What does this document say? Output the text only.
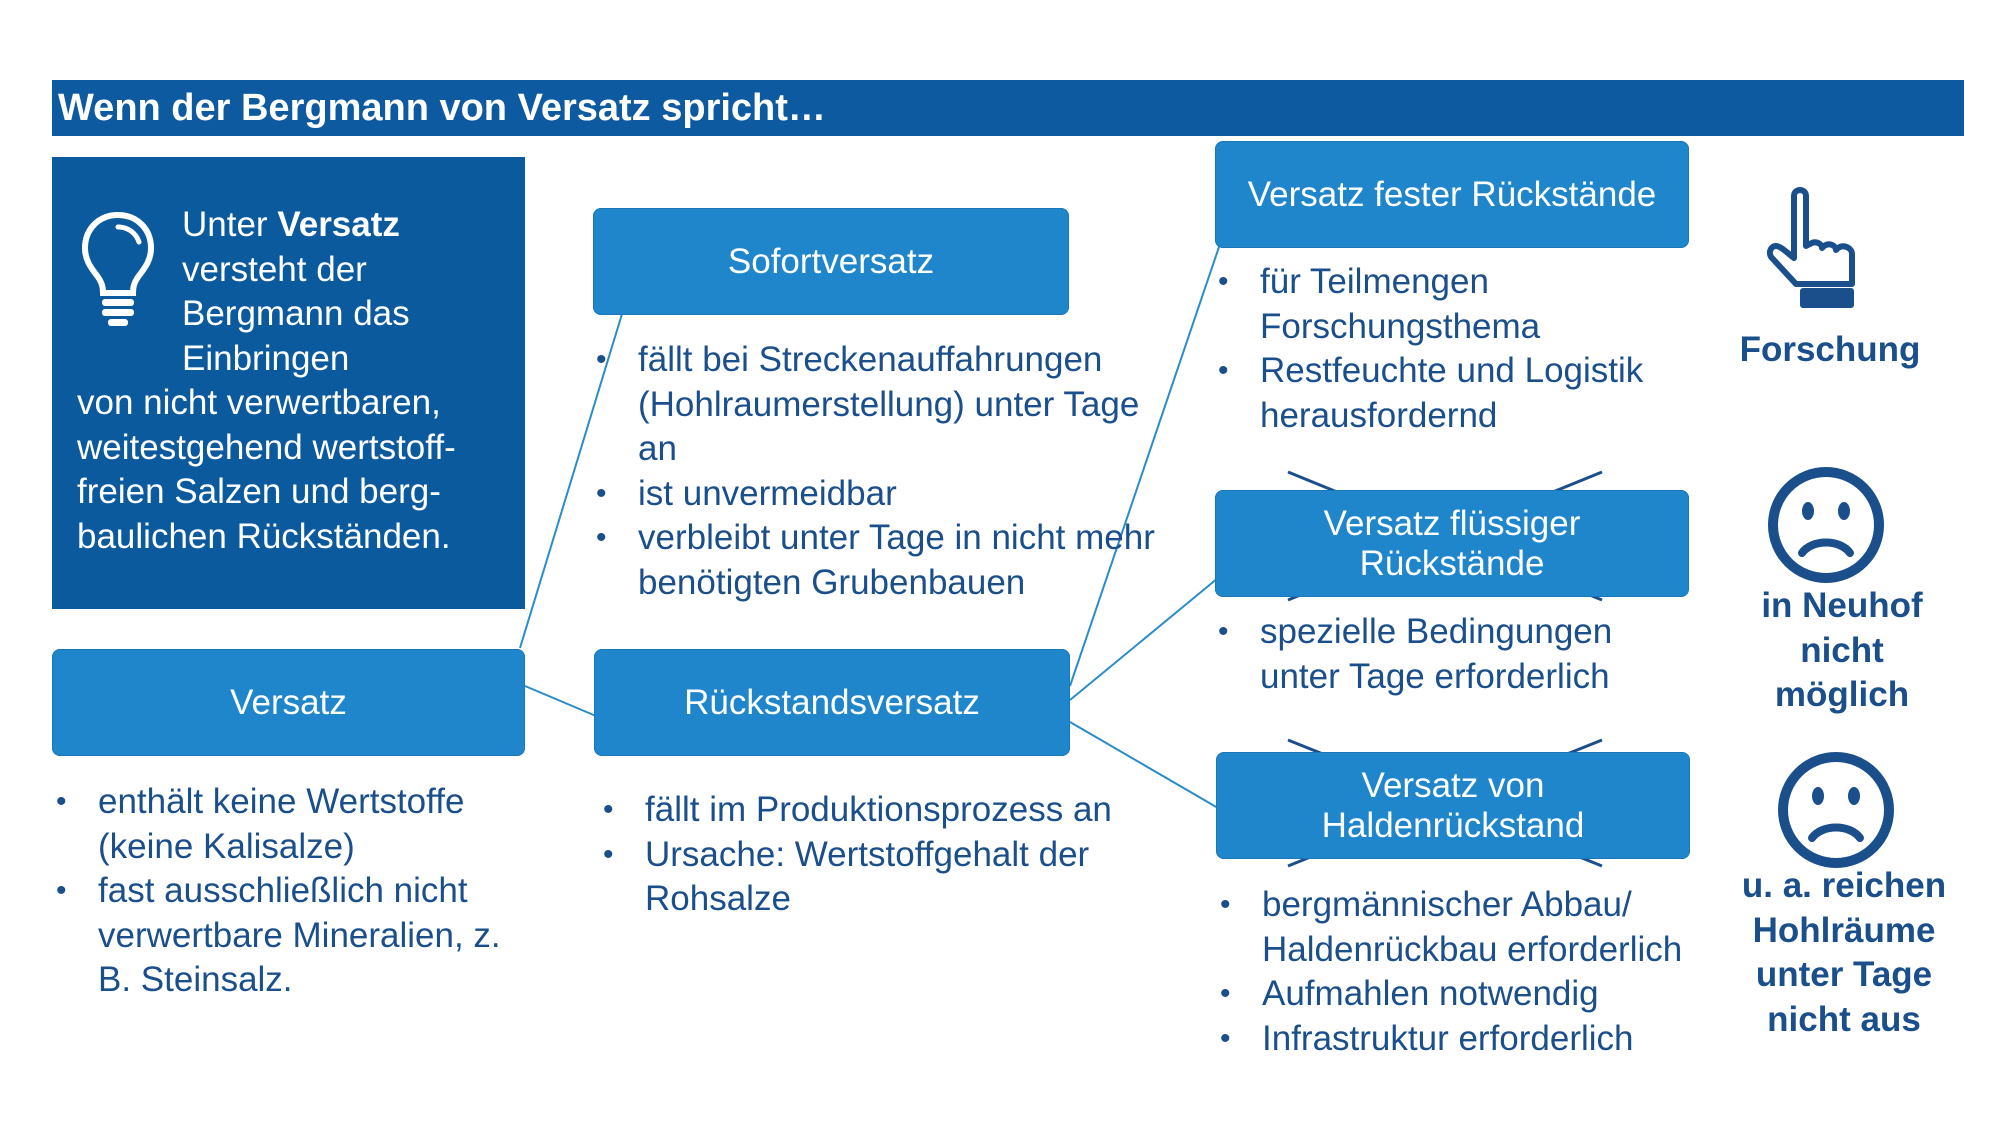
Wenn der Bergmann von Versatz spricht…
Unter Versatz
versteht der
Bergmann das
Einbringen
von nicht verwertbaren,
weitestgehend wertstoff-
freien Salzen und berg-
baulichen Rückständen.
Versatz
• enthält keine Wertstoffe (keine Kalisalze)
• fast ausschließlich nicht verwertbare Mineralien, z. B. Steinsalz.
Sofortversatz
• fällt bei Streckenauffahrungen (Hohlraumerstellung) unter Tage an
• ist unvermeidbar
• verbleibt unter Tage in nicht mehr benötigten Grubenbauen
Rückstandsversatz
• fällt im Produktionsprozess an
• Ursache: Wertstoffgehalt der Rohsalze
Versatz fester Rückstände
• für Teilmengen Forschungsthema
• Restfeuchte und Logistik herausfordernd
Versatz flüssiger
Rückstände
• spezielle Bedingungen unter Tage erforderlich
Versatz von
Haldenrückstand
• bergmännischer Abbau/ Haldenrückbau erforderlich
• Aufmahlen notwendig
• Infrastruktur erforderlich
Forschung
in Neuhof
nicht
möglich
u. a. reichen
Hohlräume
unter Tage
nicht aus
